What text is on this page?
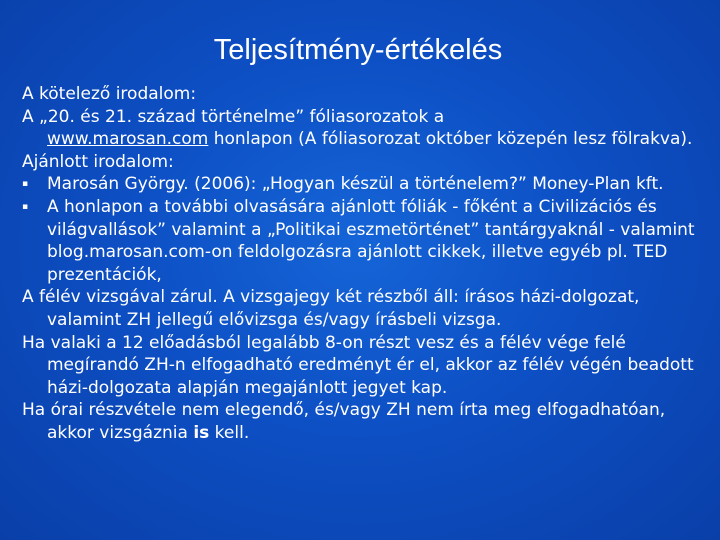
Teljesítmény-értékelés

A kötelező irodalom:

A „20. és 21. század történelme” fóliasorozatok a
www.marosan.com honlapon (A fóliasorozat október közepén lesz fölrakva).

Ajánlott irodalom:

▪	Marosán György. (2006): „Hogyan készül a történelem?” Money-Plan kft.
▪	A honlapon a további olvasására ajánlott fóliák - főként a Civilizációs és világvallások” valamint a „Politikai eszmetörténet” tantárgyaknál - valamint blog.marosan.com-on feldolgozásra ajánlott cikkek, illetve egyéb pl. TED prezentációk,

A félév vizsgával zárul. A vizsgajegy két részből áll: írásos házi-dolgozat, valamint ZH jellegű elővizsga és/vagy írásbeli vizsga.

Ha valaki a 12 előadásból legalább 8-on részt vesz és a félév vége felé megírandó ZH-n elfogadható eredményt ér el, akkor az félév végén beadott házi-dolgozata alapján megajánlott jegyet kap.

Ha órai részvétele nem elegendő, és/vagy ZH nem írta meg elfogadhatóan, akkor vizsgáznia is kell.
